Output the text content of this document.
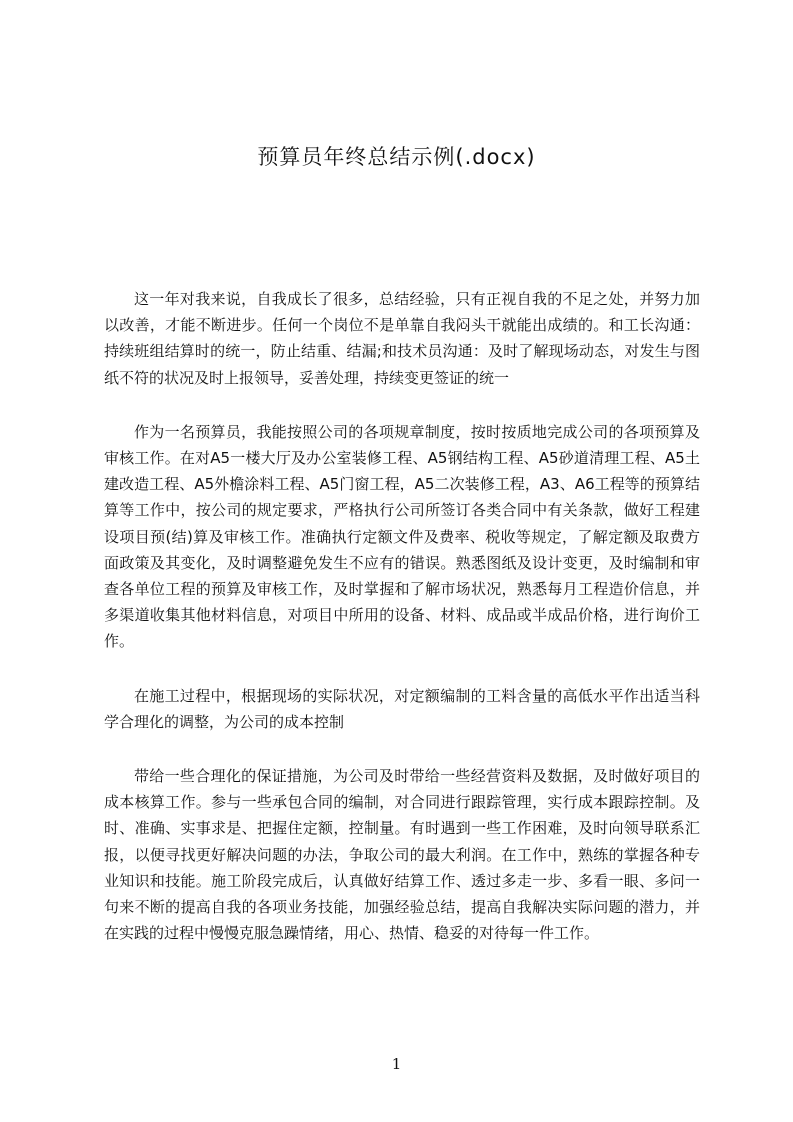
预算员年终总结示例(.docx)

这一年对我来说，自我成长了很多，总结经验，只有正视自我的不足之处，并努力加以改善，才能不断进步。任何一个岗位不是单靠自我闷头干就能出成绩的。和工长沟通：持续班组结算时的统一，防止结重、结漏;和技术员沟通：及时了解现场动态，对发生与图纸不符的状况及时上报领导，妥善处理，持续变更签证的统一

作为一名预算员，我能按照公司的各项规章制度，按时按质地完成公司的各项预算及审核工作。在对A5一楼大厅及办公室装修工程、A5钢结构工程、A5砂道清理工程、A5土建改造工程、A5外檐涂料工程、A5门窗工程，A5二次装修工程，A3、A6工程等的预算结算等工作中，按公司的规定要求，严格执行公司所签订各类合同中有关条款，做好工程建设项目预(结)算及审核工作。准确执行定额文件及费率、税收等规定，了解定额及取费方面政策及其变化，及时调整避免发生不应有的错误。熟悉图纸及设计变更，及时编制和审查各单位工程的预算及审核工作，及时掌握和了解市场状况，熟悉每月工程造价信息，并多渠道收集其他材料信息，对项目中所用的设备、材料、成品或半成品价格，进行询价工作。

在施工过程中，根据现场的实际状况，对定额编制的工料含量的高低水平作出适当科学合理化的调整，为公司的成本控制

带给一些合理化的保证措施，为公司及时带给一些经营资料及数据，及时做好项目的成本核算工作。参与一些承包合同的编制，对合同进行跟踪管理，实行成本跟踪控制。及时、准确、实事求是、把握住定额，控制量。有时遇到一些工作困难，及时向领导联系汇报，以便寻找更好解决问题的办法，争取公司的最大利润。在工作中，熟练的掌握各种专业知识和技能。施工阶段完成后，认真做好结算工作、透过多走一步、多看一眼、多问一句来不断的提高自我的各项业务技能，加强经验总结，提高自我解决实际问题的潜力，并在实践的过程中慢慢克服急躁情绪，用心、热情、稳妥的对待每一件工作。

1
